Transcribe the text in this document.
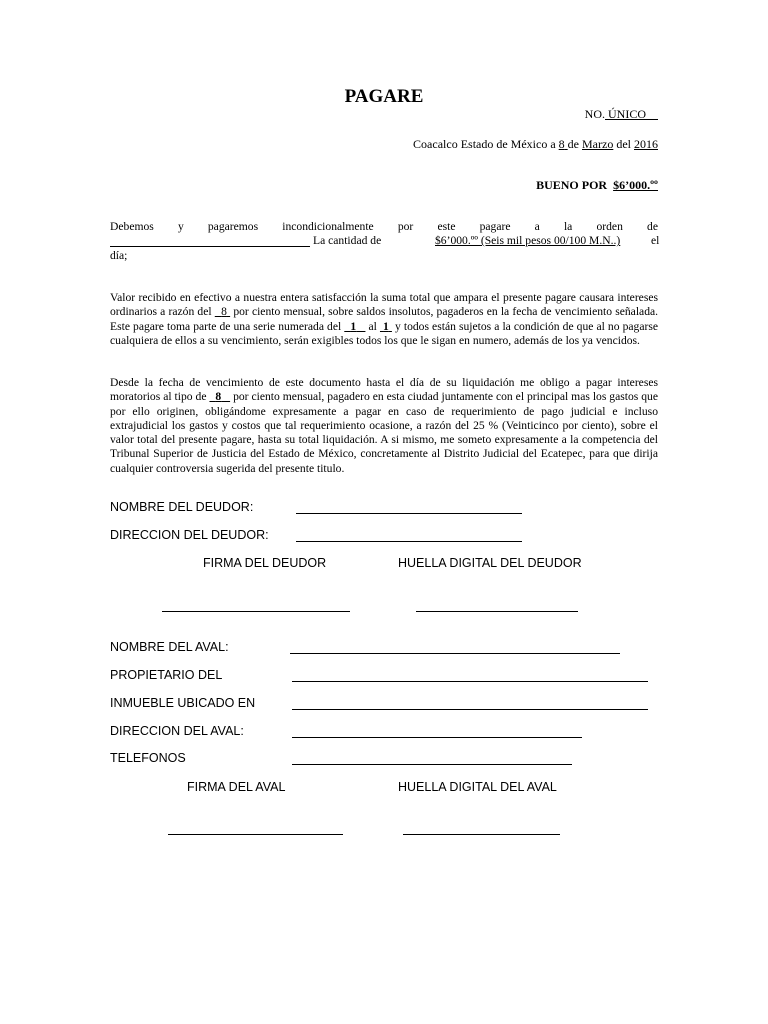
PAGARE
NO. ÚNICO
Coacalco Estado de México a 8 de Marzo del 2016
BUENO POR $6’000.ºº
Debemos y pagaremos incondicionalmente por este pagare a la orden de
La cantidad de	$6’000.ºº (Seis mil pesos 00/100 M.N..)	el
día;
Valor recibido en efectivo a nuestra entera satisfacción la suma total que ampara el presente pagare causara intereses ordinarios a razón del 8 por ciento mensual, sobre saldos insolutos, pagaderos en la fecha de vencimiento señalada. Este pagare toma parte de una serie numerada del 1 al 1 y todos están sujetos a la condición de que al no pagarse cualquiera de ellos a su vencimiento, serán exigibles todos los que le sigan en numero, además de los ya vencidos.
Desde la fecha de vencimiento de este documento hasta el día de su liquidación me obligo a pagar intereses moratorios al tipo de 8 por ciento mensual, pagadero en esta ciudad juntamente con el principal mas los gastos que por ello originen, obligándome expresamente a pagar en caso de requerimiento de pago judicial e incluso extrajudicial los gastos y costos que tal requerimiento ocasione, a razón del 25 % (Veinticinco por ciento), sobre el valor total del presente pagare, hasta su total liquidación. A si mismo, me someto expresamente a la competencia del Tribunal Superior de Justicia del Estado de México, concretamente al Distrito Judicial del Ecatepec, para que dirija cualquier controversia sugerida del presente titulo.
NOMBRE DEL DEUDOR:
DIRECCION DEL DEUDOR:
FIRMA DEL DEUDOR	HUELLA DIGITAL DEL DEUDOR
NOMBRE DEL AVAL:
PROPIETARIO DEL
INMUEBLE UBICADO EN
DIRECCION DEL AVAL:
TELEFONOS
FIRMA DEL AVAL	HUELLA DIGITAL DEL AVAL
